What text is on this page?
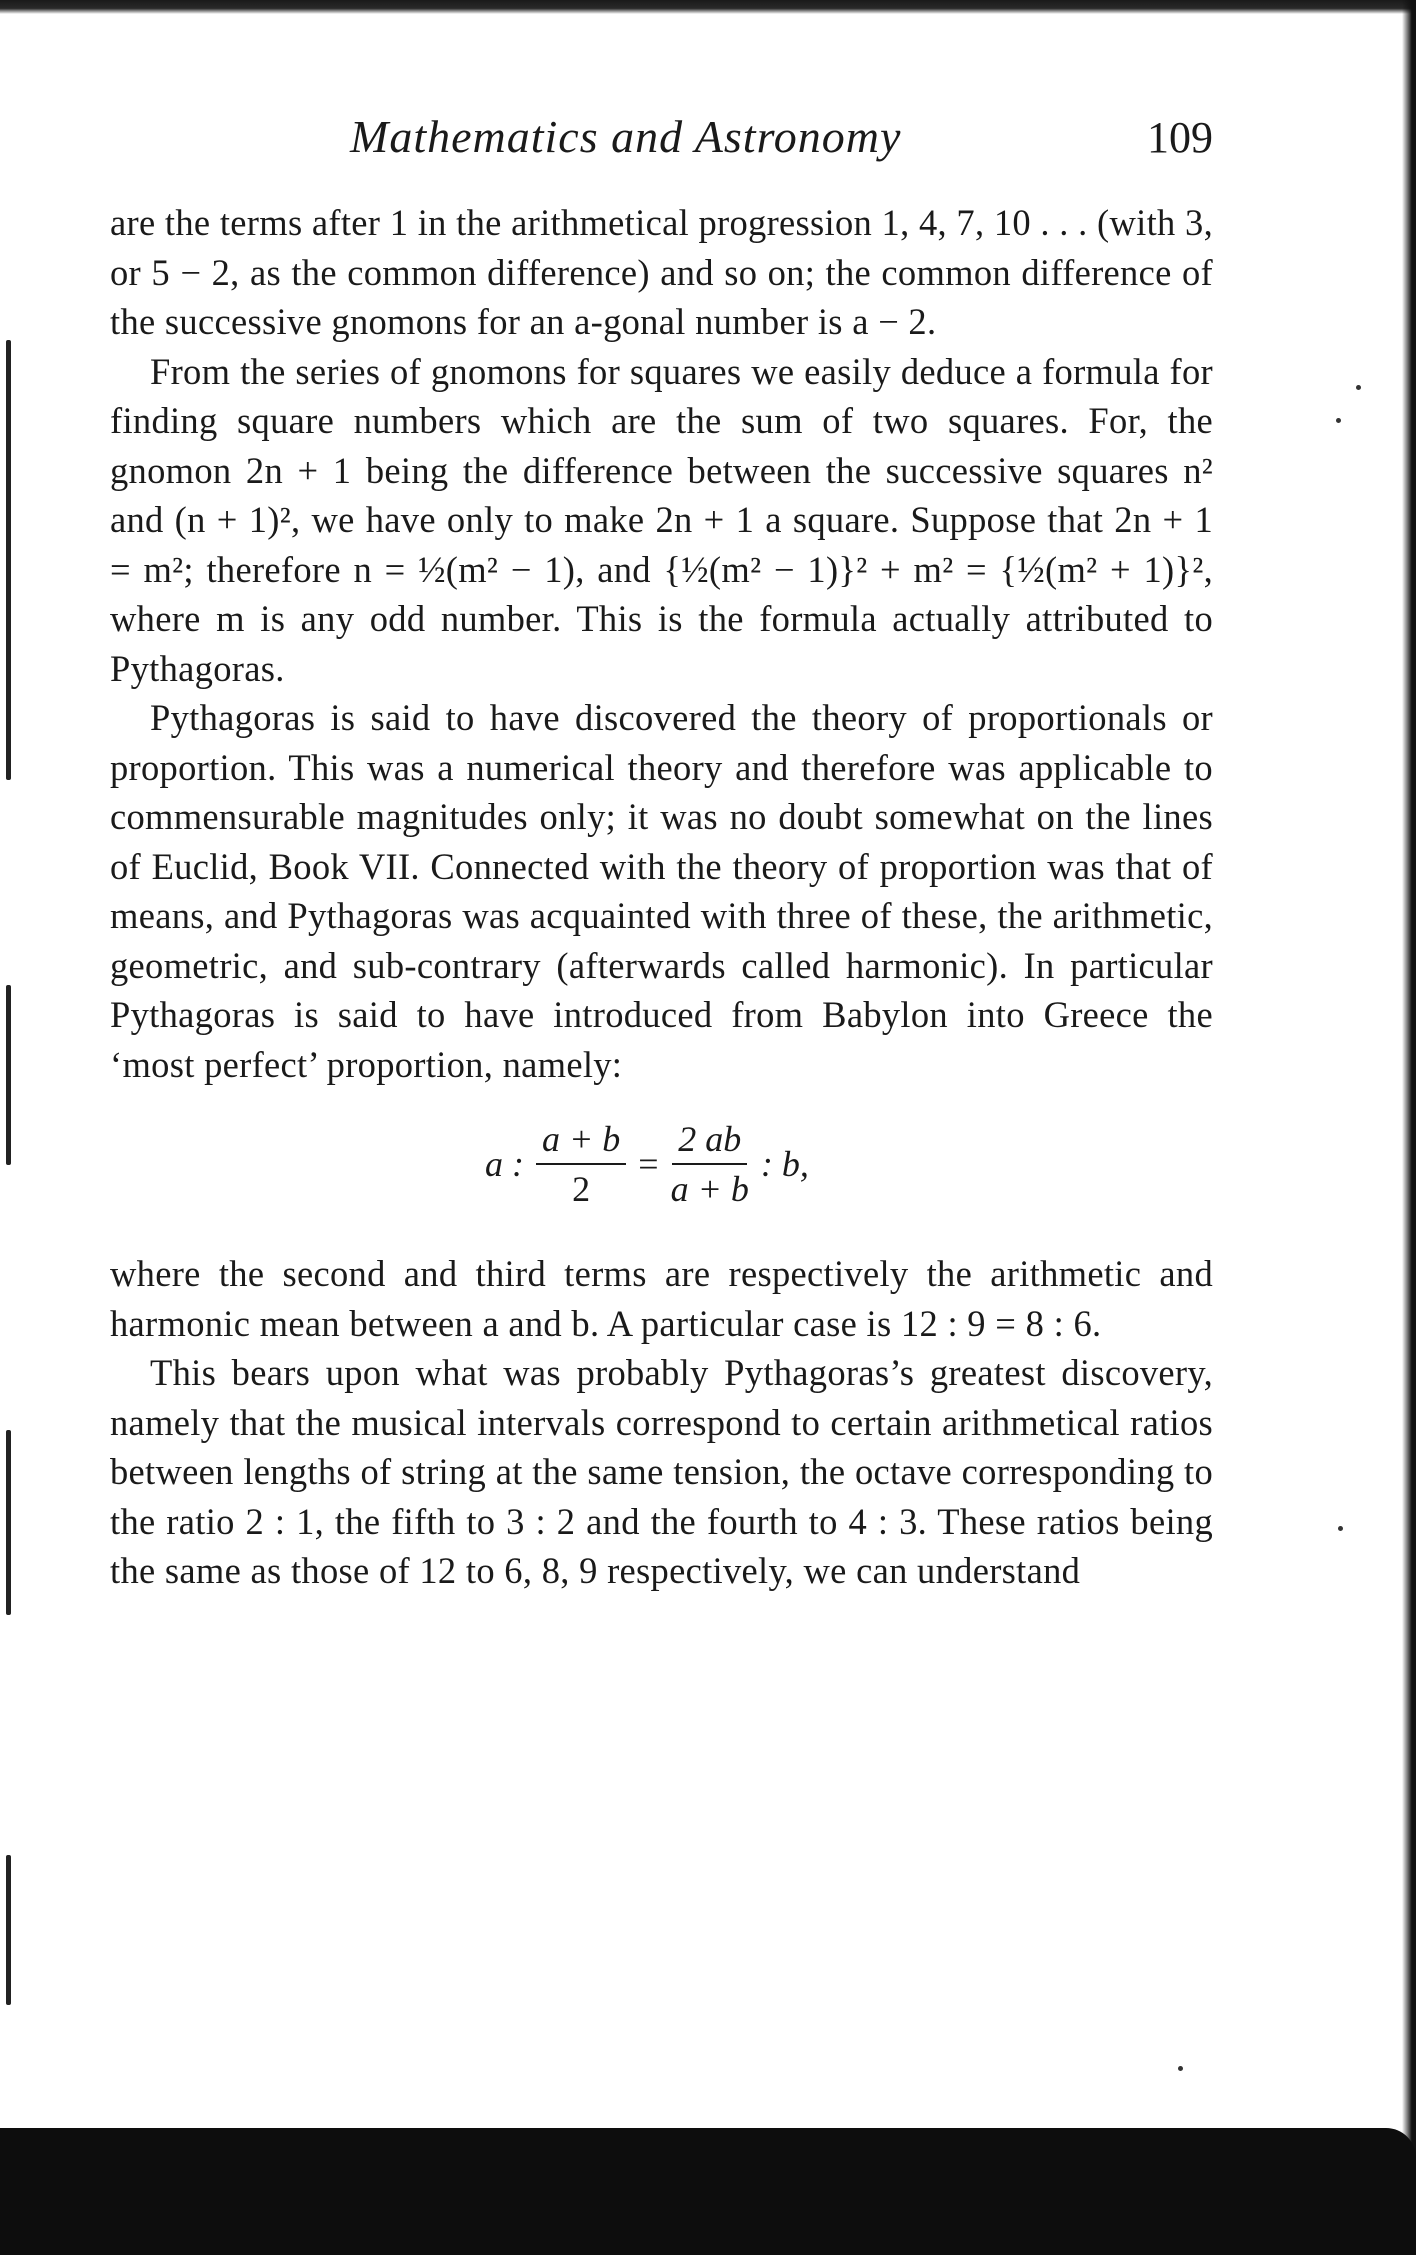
Mathematics and Astronomy	109

are the terms after 1 in the arithmetical progression 1, 4, 7, 10 . . . (with 3, or 5 − 2, as the common difference) and so on; the common difference of the successive gnomons for an a-gonal number is a − 2.

From the series of gnomons for squares we easily deduce a formula for finding square numbers which are the sum of two squares. For, the gnomon 2n + 1 being the difference between the successive squares n² and (n + 1)², we have only to make 2n + 1 a square. Suppose that 2n + 1 = m²; therefore n = ½(m² − 1), and {½(m² − 1)}² + m² = {½(m² + 1)}², where m is any odd number. This is the formula actually attributed to Pythagoras.

Pythagoras is said to have discovered the theory of proportionals or proportion. This was a numerical theory and therefore was applicable to commensurable magnitudes only; it was no doubt somewhat on the lines of Euclid, Book VII. Connected with the theory of proportion was that of means, and Pythagoras was acquainted with three of these, the arithmetic, geometric, and sub-contrary (afterwards called harmonic). In particular Pythagoras is said to have introduced from Babylon into Greece the ‘most perfect’ proportion, namely:

a : $\frac{a + b}{2} = \frac{2 ab}{a + b}$ : b,

where the second and third terms are respectively the arithmetic and harmonic mean between a and b. A particular case is 12 : 9 = 8 : 6.

This bears upon what was probably Pythagoras’s greatest discovery, namely that the musical intervals correspond to certain arithmetical ratios between lengths of string at the same tension, the octave corresponding to the ratio 2 : 1, the fifth to 3 : 2 and the fourth to 4 : 3. These ratios being the same as those of 12 to 6, 8, 9 respectively, we can understand
